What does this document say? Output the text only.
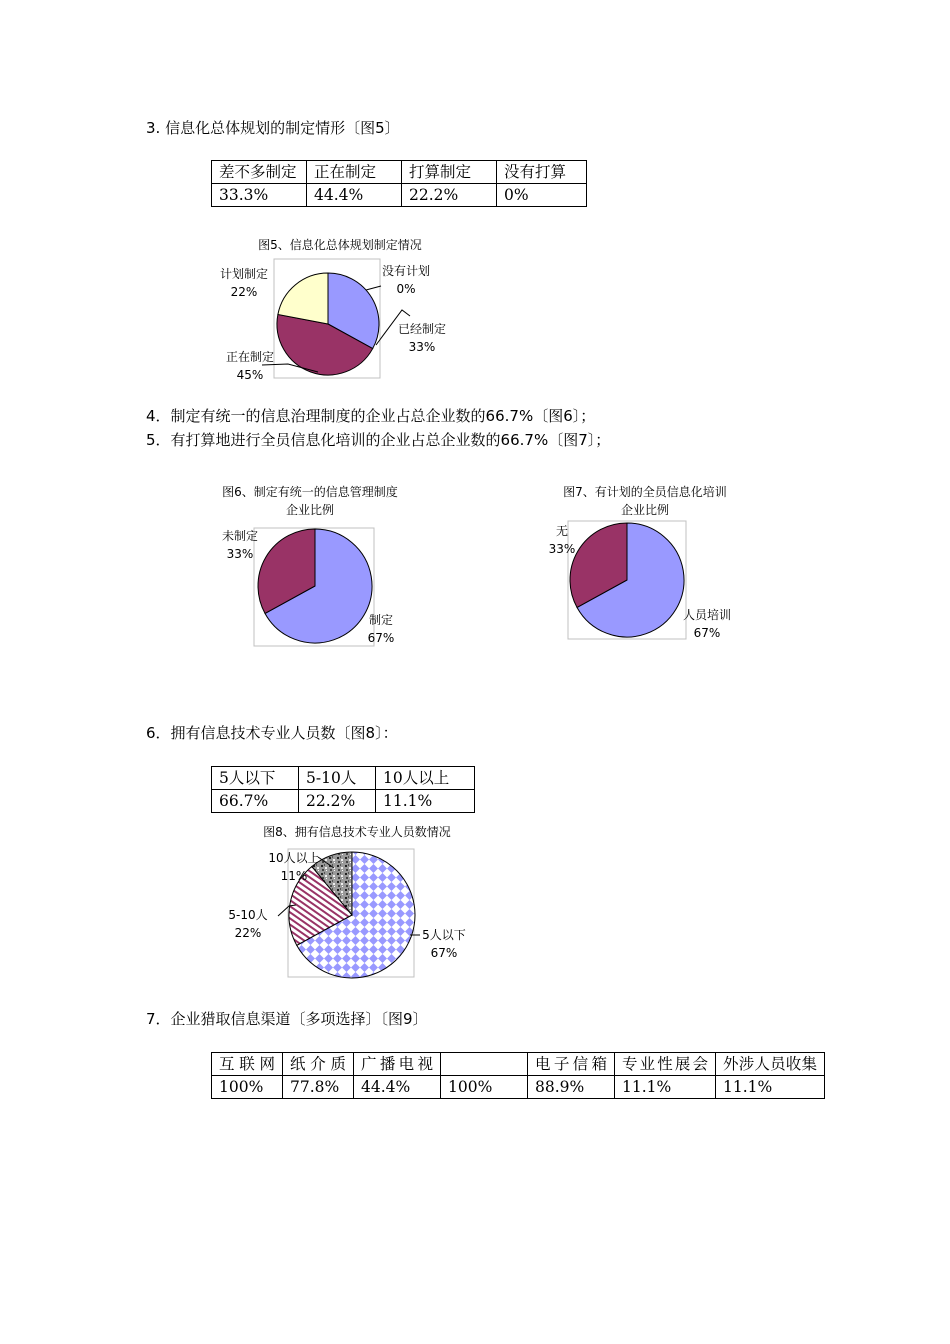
3. 信息化总体规划的制定情形〔图5〕
差不多制定	正在制定	打算制定	没有打算
33.3%	44.4%	22.2%	0%
图5、信息化总体规划制定情况
没有计划
0%
已经制定
33%
正在制定
45%
计划制定
22%
4．制定有统一的信息治理制度的企业占总企业数的66.7%〔图6〕；
5．有打算地进行全员信息化培训的企业占总企业数的66.7%〔图7〕；
图6、制定有统一的信息管理制度
企业比例
未制定
33%
制定
67%
图7、有计划的全员信息化培训
企业比例
无
33%
人员培训
67%
6．拥有信息技术专业人员数〔图8〕：
5人以下	5-10人	10人以上
66.7%	22.2%	11.1%
图8、拥有信息技术专业人员数情况
10人以上
11%
5-10人
22%	5人以下
67%
7．企业猎取信息渠道〔多项选择〕〔图9〕
互联网	纸介质	广播电视		电子信箱	专业性展会	外涉人员收集
100%	77.8%	44.4%	100%	88.9%	11.1%	11.1%
